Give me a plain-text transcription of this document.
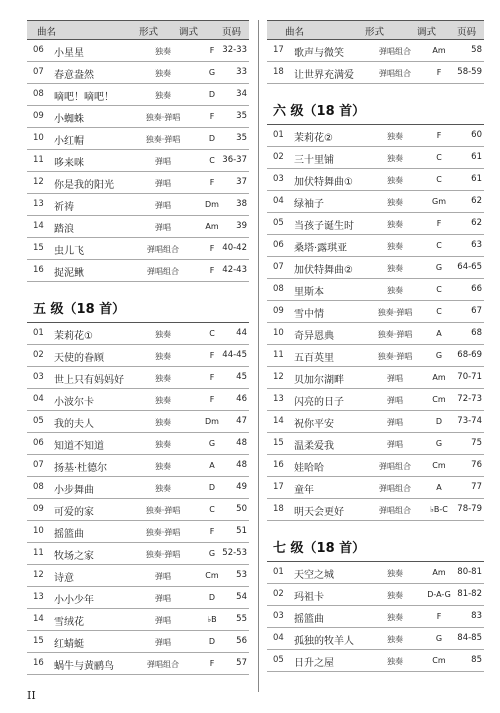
曲名	形式 调式	页码
06	小星星	独奏	F 32-33
07	春意盎然	独奏	G	33
08	嘀吧！嘀吧！	独奏	D	34
09	小蜘蛛	独奏·弹唱	F	35
10	小红帽	独奏·弹唱	D	35
11	哆来咪	弹唱	C 36-37
12	你是我的阳光	弹唱	F	37
13	祈祷	弹唱	Dm	38
14	踏浪	弹唱	Am	39
15	虫儿飞	弹唱组合	F 40-42
16	捉泥鳅	弹唱组合	F 42-43
五 级（18 首）
01	茉莉花①	独奏	C	44
02	天使的眷顾	独奏	F 44-45
03	世上只有妈妈好	独奏	F	45
04	小波尔卡	独奏	F	46
05	我的夫人	独奏	Dm	47
06	知道不知道	独奏	G	48
07	扬基·杜德尔	独奏	A	48
08	小步舞曲	独奏	D	49
09	可爱的家	独奏·弹唱	C	50
10	摇篮曲	独奏·弹唱	F	51
11	牧场之家	独奏·弹唱	G 52-53
12	诗意	弹唱	Cm	53
13	小小少年	弹唱	D	54
14	雪绒花	弹唱	♭B	55
15	红蜻蜓	弹唱	D	56
16	蜗牛与黄鹂鸟	弹唱组合	F	57
曲名	形式	调式 页码
17	歌声与微笑	弹唱组合	Am	58
18	让世界充满爱	弹唱组合	F	58-59
六 级（18 首）
01	茉莉花②	独奏	F	60
02	三十里铺	独奏	C	61
03	加伏特舞曲①	独奏	C	61
04	绿袖子	独奏	Gm	62
05	当孩子诞生时	独奏	F	62
06	桑塔·露琪亚	独奏	C	63
07	加伏特舞曲②	独奏	G	64-65
08	里斯本	独奏	C	66
09	雪中情	独奏·弹唱	C	67
10	奇异恩典	独奏·弹唱	A	68
11	五百英里	独奏·弹唱	G	68-69
12	贝加尔湖畔	弹唱	Am	70-71
13	闪亮的日子	弹唱	Cm	72-73
14	祝你平安	弹唱	D	73-74
15	温柔爱我	弹唱	G	75
16	娃哈哈	弹唱组合	Cm	76
17	童年	弹唱组合	A	77
18	明天会更好	弹唱组合	♭B-C	78-79
七 级（18 首）
01	天空之城	独奏	Am	80-81
02	玛祖卡	独奏	D-A-G 81-82
03	摇篮曲	独奏	F	83
04	孤独的牧羊人	独奏	G	84-85
05	日升之屋	独奏	Cm	85
II
